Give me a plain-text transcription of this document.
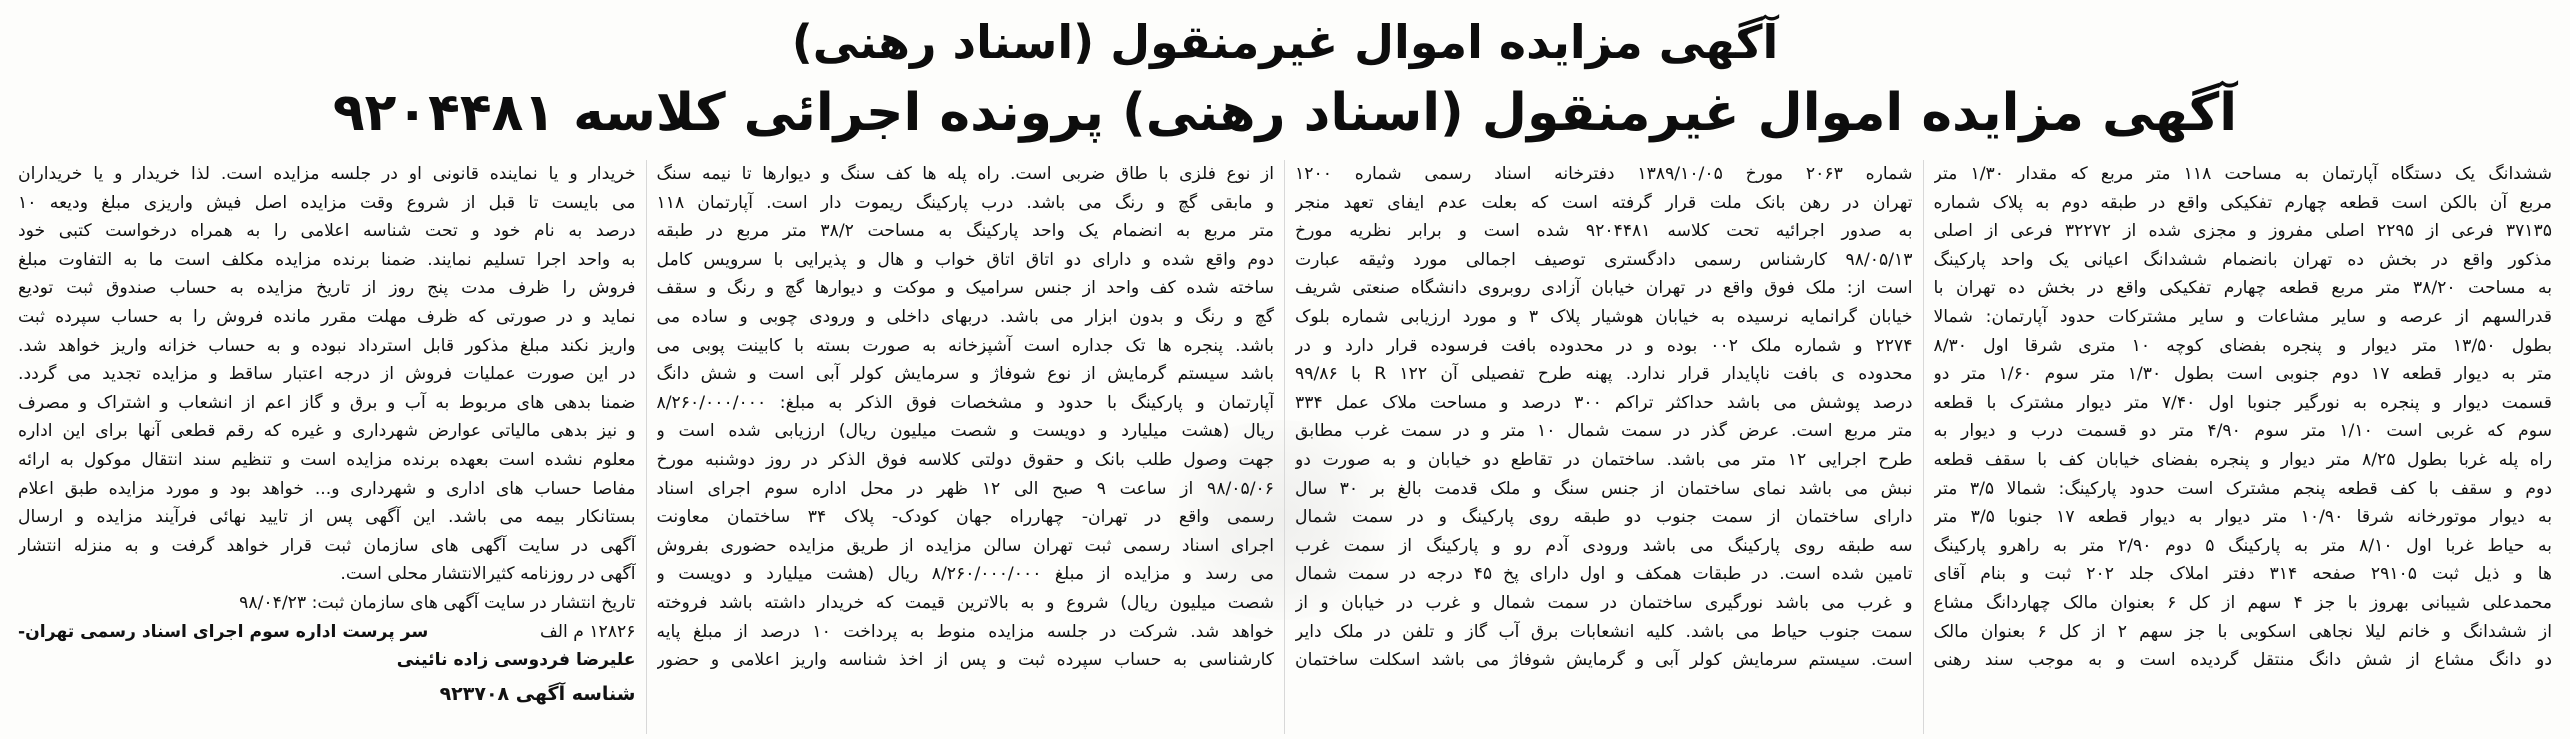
آگهی مزایده اموال غیرمنقول (اسناد رهنی)
آگهی مزایده اموال غیرمنقول (اسناد رهنی) پرونده اجرائی کلاسه ۹۲۰۴۴۸۱
ششدانگ یک دستگاه آپارتمان به مساحت ۱۱۸ متر مربع که مقدار ۱/۳۰ متر
مربع آن بالکن است قطعه چهارم تفکیکی واقع در طبقه دوم به پلاک شماره
۳۷۱۳۵ فرعی از ۲۲۹۵ اصلی مفروز و مجزی شده از ۳۲۲۷۲ فرعی از اصلی
مذکور واقع در بخش ده تهران بانضمام ششدانگ اعیانی یک واحد پارکینگ
به مساحت ۳۸/۲۰ متر مربع قطعه چهارم تفکیکی واقع در بخش ده تهران با
قدرالسهم از عرصه و سایر مشاعات و سایر مشترکات حدود آپارتمان: شمالا
بطول ۱۳/۵۰ متر دیوار و پنجره بفضای کوچه ۱۰ متری شرقا اول ۸/۳۰
متر به دیوار قطعه ۱۷ دوم جنوبی است بطول ۱/۳۰ متر سوم ۱/۶۰ متر دو
قسمت دیوار و پنجره به نورگیر جنوبا اول ۷/۴۰ متر دیوار مشترک با قطعه
سوم که غربی است ۱/۱۰ متر سوم ۴/۹۰ متر دو قسمت درب و دیوار به
راه پله غربا بطول ۸/۲۵ متر دیوار و پنجره بفضای خیابان کف با سقف قطعه
دوم و سقف با کف قطعه پنجم مشترک است حدود پارکینگ: شمالا ۳/۵ متر
به دیوار موتورخانه شرقا ۱۰/۹۰ متر دیوار به دیوار قطعه ۱۷ جنوبا ۳/۵ متر
به حیاط غربا اول ۸/۱۰ متر به پارکینگ ۵ دوم ۲/۹۰ متر به راهرو پارکینگ
ها و ذیل ثبت ۲۹۱۰۵ صفحه ۳۱۴ دفتر املاک جلد ۲۰۲ ثبت و بنام آقای
محمدعلی شیبانی بهروز با جز ۴ سهم از کل ۶ بعنوان مالک چهاردانگ مشاع
از ششدانگ و خانم لیلا نجاهی اسکوبی با جز سهم ۲ از کل ۶ بعنوان مالک
دو دانگ مشاع از شش دانگ منتقل گردیده است و به موجب سند رهنی
شماره ۲۰۶۳ مورخ ۱۳۸۹/۱۰/۰۵ دفترخانه اسناد رسمی شماره ۱۲۰۰
تهران در رهن بانک ملت قرار گرفته است که بعلت عدم ایفای تعهد منجر
به صدور اجرائیه تحت کلاسه ۹۲۰۴۴۸۱ شده است و برابر نظریه مورخ
۹۸/۰۵/۱۳ کارشناس رسمی دادگستری توصیف اجمالی مورد وثیقه عبارت
است از: ملک فوق واقع در تهران خیابان آزادی روبروی دانشگاه صنعتی شریف
خیابان گرانمایه نرسیده به خیابان هوشیار پلاک ۳ و مورد ارزیابی شماره بلوک
۲۲۷۴ و شماره ملک ۰۰۲ بوده و در محدوده بافت فرسوده قرار دارد و در
محدوده ی بافت ناپایدار قرار ندارد. پهنه طرح تفصیلی آن R ۱۲۲ با ۹۹/۸۶
درصد پوشش می باشد حداکثر تراکم ۳۰۰ درصد و مساحت ملاک عمل ۳۳۴
متر مربع است. عرض گذر در سمت شمال ۱۰ متر و در سمت غرب مطابق
طرح اجرایی ۱۲ متر می باشد. ساختمان در تقاطع دو خیابان و به صورت دو
نبش می باشد نمای ساختمان از جنس سنگ و ملک قدمت بالغ بر ۳۰ سال
دارای ساختمان از سمت جنوب دو طبقه روی پارکینگ و در سمت شمال
سه طبقه روی پارکینگ می باشد ورودی آدم رو و پارکینگ از سمت غرب
تامین شده است. در طبقات همکف و اول دارای پخ ۴۵ درجه در سمت شمال
و غرب می باشد نورگیری ساختمان در سمت شمال و غرب در خیابان و از
سمت جنوب حیاط می باشد. کلیه انشعابات برق آب گاز و تلفن در ملک دایر
است. سیستم سرمایش کولر آبی و گرمایش شوفاژ می باشد اسکلت ساختمان
از نوع فلزی با طاق ضربی است. راه پله ها کف سنگ و دیوارها تا نیمه سنگ
و مابقی گچ و رنگ می باشد. درب پارکینگ ریموت دار است. آپارتمان ۱۱۸
متر مربع به انضمام یک واحد پارکینگ به مساحت ۳۸/۲ متر مربع در طبقه
دوم واقع شده و دارای دو اتاق اتاق خواب و هال و پذیرایی با سرویس کامل
ساخته شده کف واحد از جنس سرامیک و موکت و دیوارها گچ و رنگ و سقف
گچ و رنگ و بدون ابزار می باشد. دربهای داخلی و ورودی چوبی و ساده می
باشد. پنجره ها تک جداره است آشپزخانه به صورت بسته با کابینت پوبی می
باشد سیستم گرمایش از نوع شوفاژ و سرمایش کولر آبی است و شش دانگ
آپارتمان و پارکینگ با حدود و مشخصات فوق الذکر به مبلغ: ۸/۲۶۰/۰۰۰/۰۰۰
ریال (هشت میلیارد و دویست و شصت میلیون ریال) ارزیابی شده است و
جهت وصول طلب بانک و حقوق دولتی کلاسه فوق الذکر در روز دوشنبه مورخ
۹۸/۰۵/۰۶ از ساعت ۹ صبح الی ۱۲ ظهر در محل اداره سوم اجرای اسناد
رسمی واقع در تهران- چهارراه جهان کودک- پلاک ۳۴ ساختمان معاونت
اجرای اسناد رسمی ثبت تهران سالن مزایده از طریق مزایده حضوری بفروش
می رسد و مزایده از مبلغ ۸/۲۶۰/۰۰۰/۰۰۰ ریال (هشت میلیارد و دویست و
شصت میلیون ریال) شروع و به بالاترین قیمت که خریدار داشته باشد فروخته
خواهد شد. شرکت در جلسه مزایده منوط به پرداخت ۱۰ درصد از مبلغ پایه
کارشناسی به حساب سپرده ثبت و پس از اخذ شناسه واریز اعلامی و حضور
خریدار و یا نماینده قانونی او در جلسه مزایده است. لذا خریدار و یا خریداران
می بایست تا قبل از شروع وقت مزایده اصل فیش واریزی مبلغ ودیعه ۱۰
درصد به نام خود و تحت شناسه اعلامی را به همراه درخواست کتبی خود
به واحد اجرا تسلیم نمایند. ضمنا برنده مزایده مکلف است ما به التفاوت مبلغ
فروش را ظرف مدت پنج روز از تاریخ مزایده به حساب صندوق ثبت تودیع
نماید و در صورتی که ظرف مهلت مقرر مانده فروش را به حساب سپرده ثبت
واریز نکند مبلغ مذکور قابل استرداد نبوده و به حساب خزانه واریز خواهد شد.
در این صورت عملیات فروش از درجه اعتبار ساقط و مزایده تجدید می گردد.
ضمنا بدهی های مربوط به آب و برق و گاز اعم از انشعاب و اشتراک و مصرف
و نیز بدهی مالیاتی عوارض شهرداری و غیره که رقم قطعی آنها برای این اداره
معلوم نشده است بعهده برنده مزایده است و تنظیم سند انتقال موکول به ارائه
مفاصا حساب های اداری و شهرداری و... خواهد بود و مورد مزایده طبق اعلام
بستانکار بیمه می باشد. این آگهی پس از تایید نهائی فرآیند مزایده و ارسال
آگهی در سایت آگهی های سازمان ثبت قرار خواهد گرفت و به منزله انتشار
آگهی در روزنامه کثیرالانتشار محلی است.
تاریخ انتشار در سایت آگهی های سازمان ثبت: ۹۸/۰۴/۲۳
۱۲۸۲۶ م الف
سر پرست اداره سوم اجرای اسناد رسمی تهران-
علیرضا فردوسی زاده نائینی
شناسه آگهی ۹۲۳۷۰۸
